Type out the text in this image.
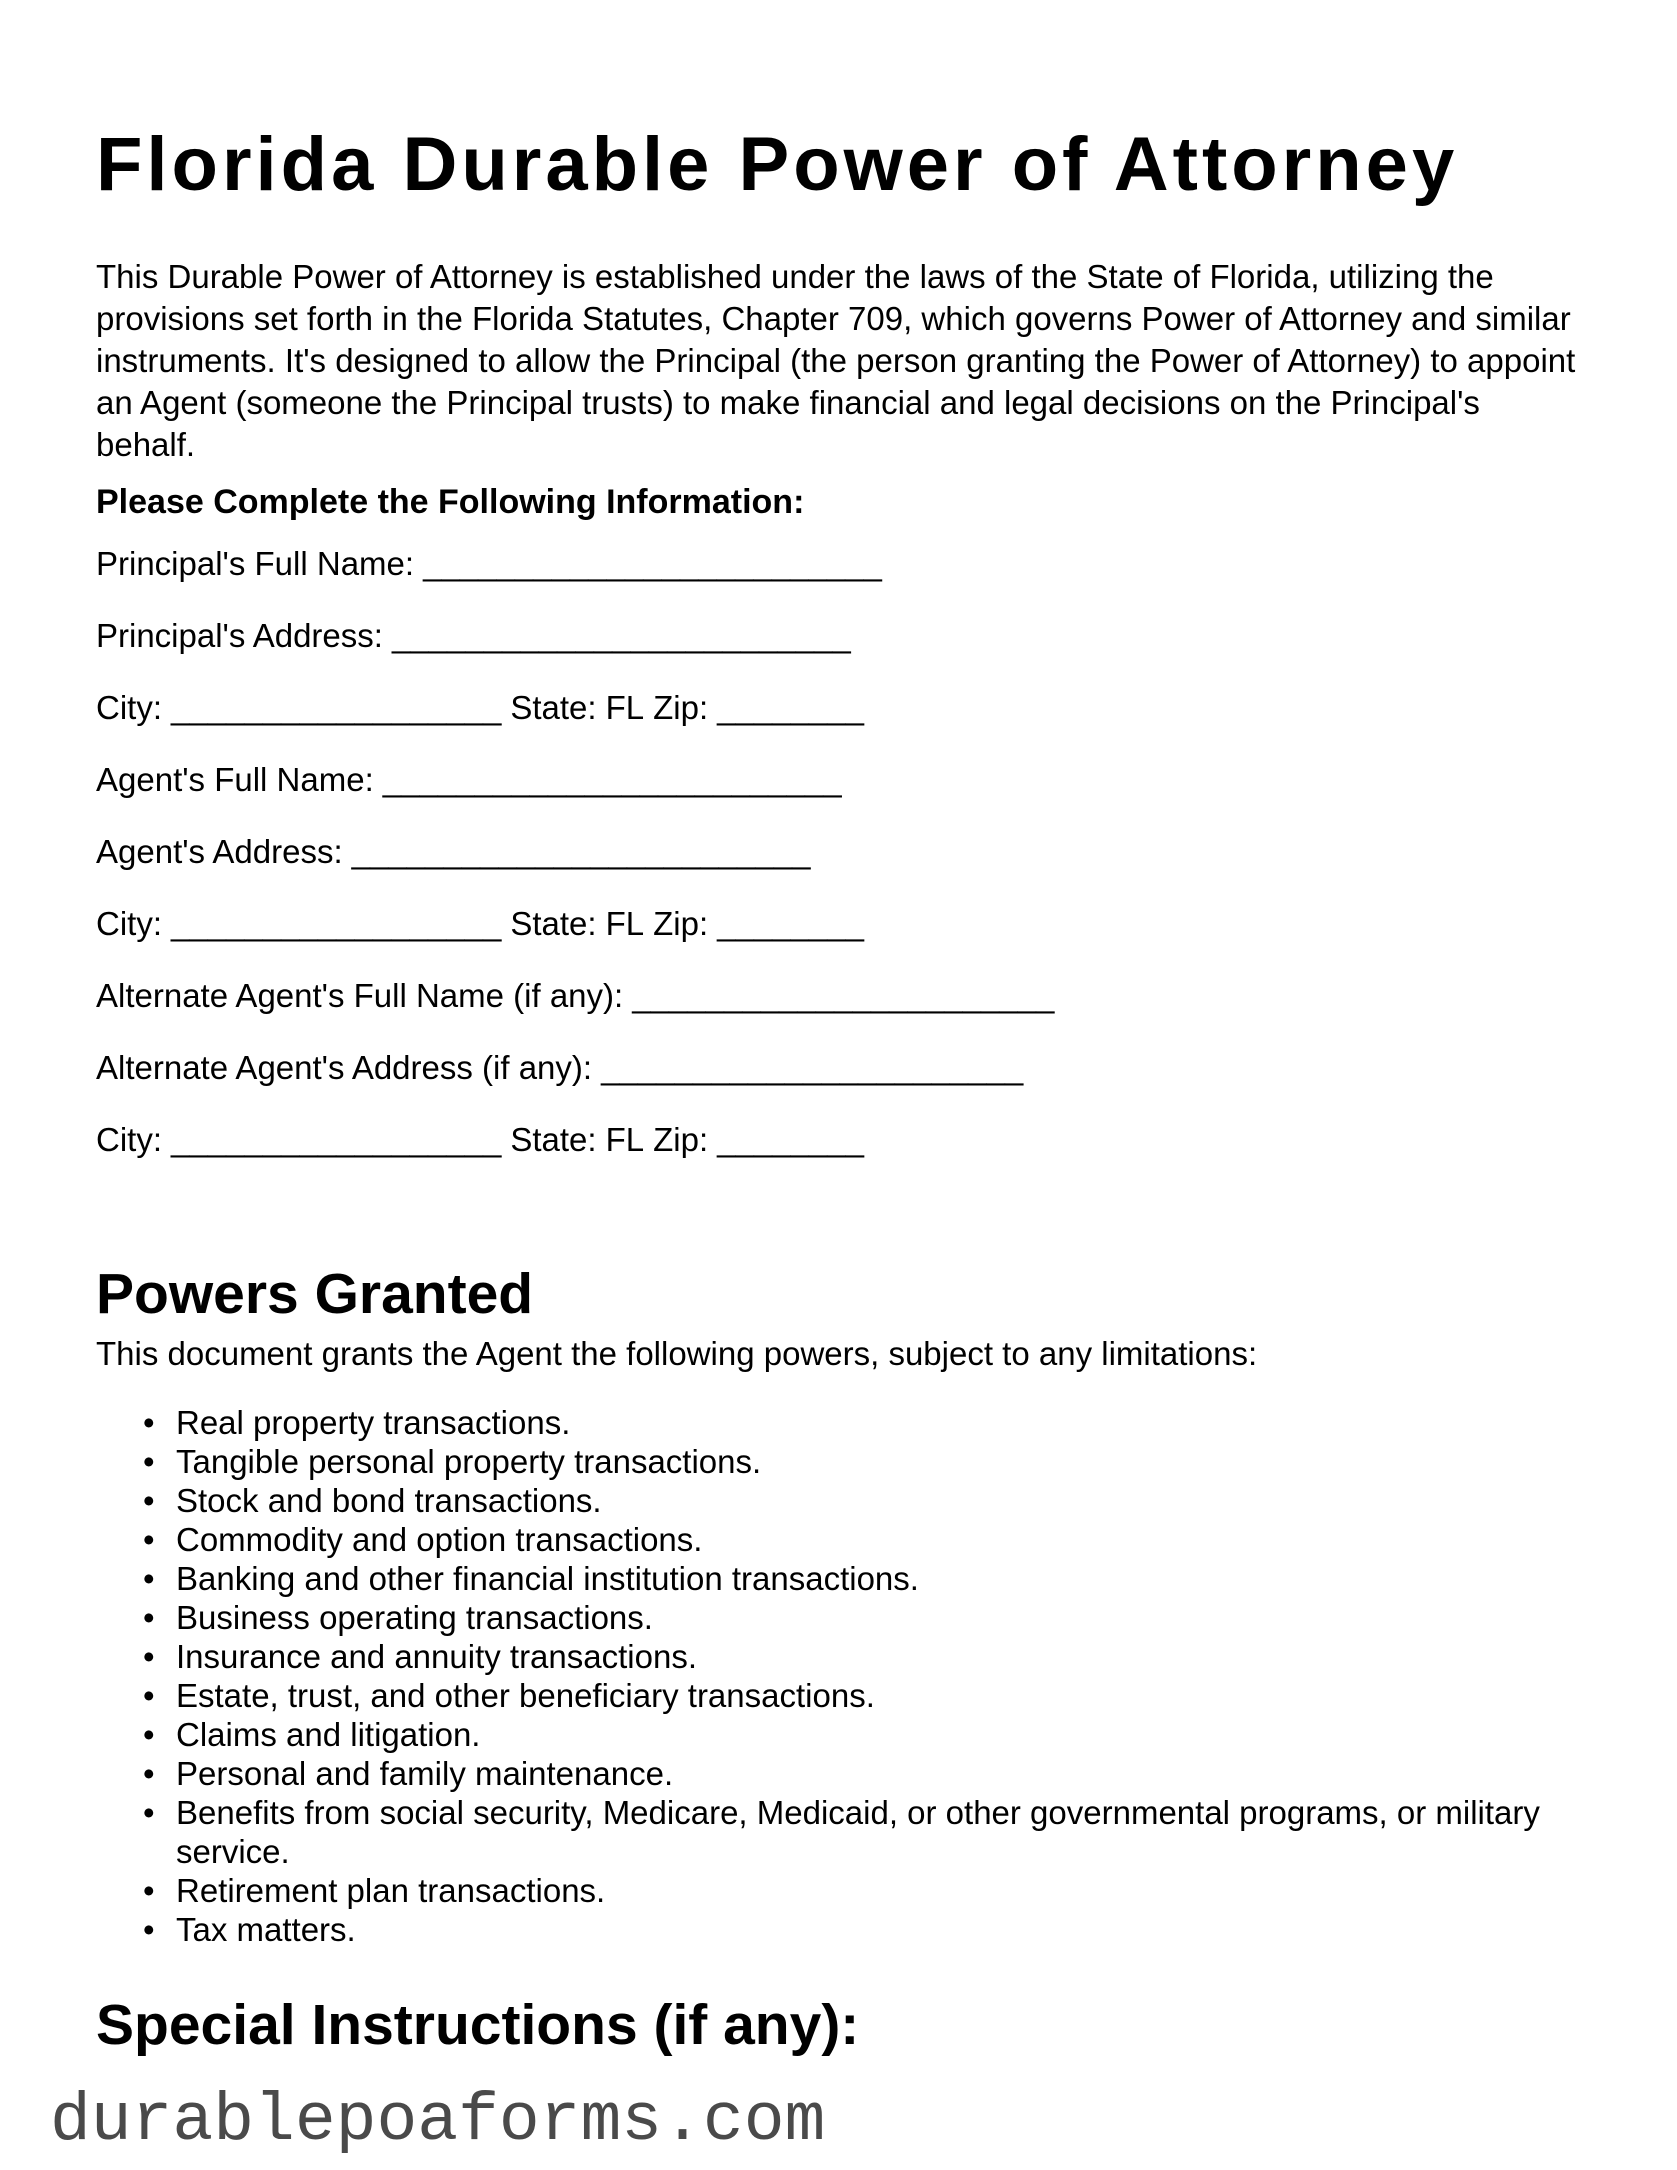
Florida Durable Power of Attorney

This Durable Power of Attorney is established under the laws of the State of Florida, utilizing the provisions set forth in the Florida Statutes, Chapter 709, which governs Power of Attorney and similar instruments. It's designed to allow the Principal (the person granting the Power of Attorney) to appoint an Agent (someone the Principal trusts) to make financial and legal decisions on the Principal's behalf.

Please Complete the Following Information:
Principal's Full Name: _________________________
Principal's Address: _________________________
City: __________________ State: FL Zip: ________
Agent's Full Name: _________________________
Agent's Address: _________________________
City: __________________ State: FL Zip: ________
Alternate Agent's Full Name (if any): _______________________
Alternate Agent's Address (if any): _______________________
City: __________________ State: FL Zip: ________
Powers Granted

This document grants the Agent the following powers, subject to any limitations:

• Real property transactions.
• Tangible personal property transactions.
• Stock and bond transactions.
• Commodity and option transactions.
• Banking and other financial institution transactions.
• Business operating transactions.
• Insurance and annuity transactions.
• Estate, trust, and other beneficiary transactions.
• Claims and litigation.
• Personal and family maintenance.
• Benefits from social security, Medicare, Medicaid, or other governmental programs, or military service.
• Retirement plan transactions.
• Tax matters.
Special Instructions (if any):
durablepoaforms.com
